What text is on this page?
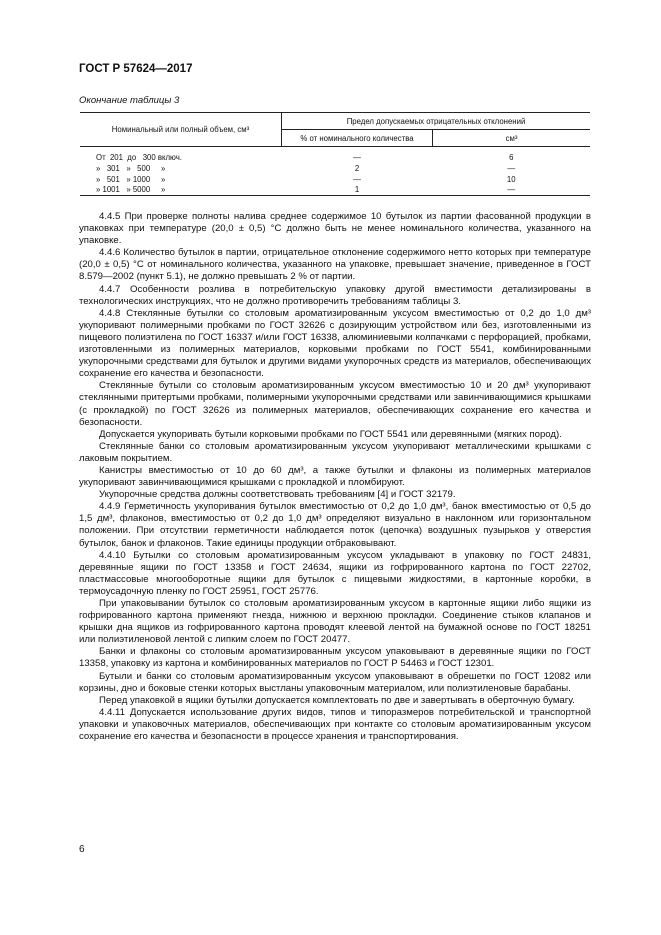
ГОСТ Р 57624—2017
Окончание таблицы 3
Номинальный или полный объем, см³	Предел допускаемых отрицательных отклонений	
	% от номинального количества	см³

От  201  до   300 включ.	—	6
»   301   »   500     »	2	—
»   501   » 1000     »	—	10
» 1001   » 5000     »	1	—

4.4.5 При проверке полноты налива среднее содержимое 10 бутылок из партии фасованной продукции в упаковках при температуре (20,0 ± 0,5) °С должно быть не менее номинального количества, указанного на упаковке.

4.4.6 Количество бутылок в партии, отрицательное отклонение содержимого нетто которых при температуре (20,0 ± 0,5) °С от номинального количества, указанного на упаковке, превышает значение, приведенное в ГОСТ 8.579—2002 (пункт 5.1), не должно превышать 2 % от партии.

4.4.7 Особенности розлива в потребительскую упаковку другой вместимости детализированы в технологических инструкциях, что не должно противоречить требованиям таблицы 3.

4.4.8 Стеклянные бутылки со столовым ароматизированным уксусом вместимостью от 0,2 до 1,0 дм³ укупоривают полимерными пробками по ГОСТ 32626 с дозирующим устройством или без, изготовленными из пищевого полиэтилена по ГОСТ 16337 и/или ГОСТ 16338, алюминиевыми колпачками с перфорацией, пробками, изготовленными из полимерных материалов, корковыми пробками по ГОСТ 5541, комбинированными укупорочными средствами для бутылок и другими видами укупорочных средств из материалов, обеспечивающих сохранение его качества и безопасности.

Стеклянные бутыли со столовым ароматизированным уксусом вместимостью 10 и 20 дм³ укупоривают стеклянными притертыми пробками, полимерными укупорочными средствами или завинчивающимися крышками (с прокладкой) по ГОСТ 32626 из полимерных материалов, обеспечивающих сохранение его качества и безопасности.

Допускается укупоривать бутыли корковыми пробками по ГОСТ 5541 или деревянными (мягких пород).

Стеклянные банки со столовым ароматизированным уксусом укупоривают металлическими крышками с лаковым покрытием.

Канистры вместимостью от 10 до 60 дм³, а также бутылки и флаконы из полимерных материалов укупоривают завинчивающимися крышками с прокладкой и пломбируют.

Укупорочные средства должны соответствовать требованиям [4] и ГОСТ 32179.

4.4.9 Герметичность укупоривания бутылок вместимостью от 0,2 до 1,0 дм³, банок вместимостью от 0,5 до 1,5 дм³, флаконов, вместимостью от 0,2 до 1,0 дм³ определяют визуально в наклонном или горизонтальном положении. При отсутствии герметичности наблюдается поток (цепочка) воздушных пузырьков у отверстия бутылок, банок и флаконов. Такие единицы продукции отбраковывают.

4.4.10 Бутылки со столовым ароматизированным уксусом укладывают в упаковку по ГОСТ 24831, деревянные ящики по ГОСТ 13358 и ГОСТ 24634, ящики из гофрированного картона по ГОСТ 22702, пластмассовые многооборотные ящики для бутылок с пищевыми жидкостями, в картонные коробки, в термоусадочную пленку по ГОСТ 25951, ГОСТ 25776.

При упаковывании бутылок со столовым ароматизированным уксусом в картонные ящики либо ящики из гофрированного картона применяют гнезда, нижнюю и верхнюю прокладки. Соединение стыков клапанов и крышки дна ящиков из гофрированного картона проводят клеевой лентой на бумажной основе по ГОСТ 18251 или полиэтиленовой лентой с липким слоем по ГОСТ 20477.

Банки и флаконы со столовым ароматизированным уксусом упаковывают в деревянные ящики по ГОСТ 13358, упаковку из картона и комбинированных материалов по ГОСТ Р 54463 и ГОСТ 12301.

Бутыли и банки со столовым ароматизированным уксусом упаковывают в обрешетки по ГОСТ 12082 или корзины, дно и боковые стенки которых выстланы упаковочным материалом, или полиэтиленовые барабаны.

Перед упаковкой в ящики бутылки допускается комплектовать по две и завертывать в оберточную бумагу.

4.4.11 Допускается использование других видов, типов и типоразмеров потребительской и транспортной упаковки и упаковочных материалов, обеспечивающих при контакте со столовым ароматизированным уксусом сохранение его качества и безопасности в процессе хранения и транспортирования.

6
